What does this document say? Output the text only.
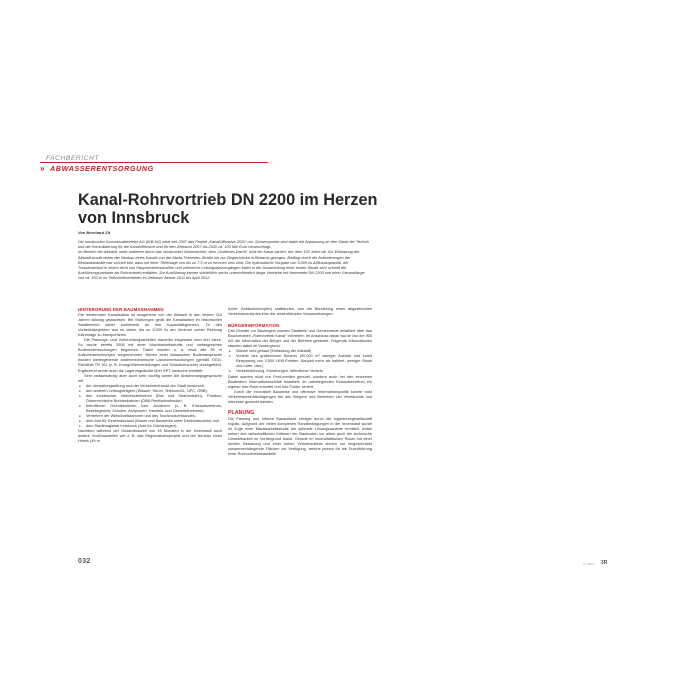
FACHBERICHT
» ABWASSERENTSORGUNG
Kanal-Rohrvortrieb DN 2200 im Herzen von Innsbruck
Von Bernhard Zit

Die Innsbrucker Kommunalbetriebe AG (IKB AG) setzt seit 2007 das Projekt „KanalOffensive 2020“ um. Schwerpunkte sind dabei die Anpassung an den Stand der Technik und die Konsolidierung für die Kanaloffensive und für den Zeitraum 2007 bis 2020 ca. 100 Mio Euro veranschlagt.

Im Bereich der Altstadt, unter anderem durch das Innsbrucker Wahrzeichen, dem „Goldenes Dachl“, wird ein Kanal saniert, der über 100 Jahre alt. Zur Entlastung der Altstadt wurde daher der Neubau eines Kanals von der Maria-Theresien-Straße bis zur Zieglerbrücke in Betracht gezogen. Bedingt durch die Anforderungen der Bestandskanäle war schnell klar, dass mit einer Tiefenlage von bis zu 7,5 m zu rechnen sein wird. Die hydraulische Vorgabe von 5.000 l/s Abflusskapazität, der Trassenverlauf in einem dicht von Hauptverkehrsstraßen und zahlreiche Leitungsbauvorgängen fallen in der Ausarbeitung einer ersten Studie sehr schnell die Ausführungsvariante als Rohrvortrieb entfallen. Zur Ausführung kamen schließlich sechs unterschiedlich lange Vortriebe mit Nennweite DN 2200 und einer Gesamtlänge von ca. 933 m im Teilschnittverfahren im Zeitraum Januar 2011 bis April 2012.

HINTERGRUND DER BAUMAẞNAHMEN

Die Innsbrucker Kanalisation ist ausgehend von der Altstadt in den letzten 110 Jahren ständig gewachsen. Bei Starkregen gerät die Kanalisation im historischen Stadtbereich daher punktmeist an ihre Kapazitätsgrenzen. Zu den Vorbeileitprojekten war es daher, bis zu 5.000 l/s am Zentrum vorbei Richtung Klärenlage zu transportieren.

Die Planungs- und Vorbereitungsarbeiten dauerten insgesamt rund drei Jahre. So wurde bereits 2008 mit einer Machbarkeitsstudie und umfangreichen Bodenuntersuchungen begonnen. Dabei wurden u. a. etwa alle 50 m Aufschlussbohrungen vorgenommen. Neben einer klassischen Bodenansprache wurden weitergehende bodenmechanische Laboruntersuchungen (gemäß ÖGG-Richtlinie TR 101 (z. B. Korngrößenverteilungen und Triaxialversuche) durchgeführt. Ergänzend wurde auch die Lagerungsdichte über SPT-Versuche ermittelt.

Sehr zeitaufwändig aber auch sehr wichtig waren die Abstimmungsgespräche mit

■ der Verwaltungsleitung und der Verkehrsbehörde der Stadt Innsbruck,
■ den anderen Leitungsträgern (Wasser, Strom, Telekom/A1, UPC, ÖBB),
■ den Innsbrucker Verkehrsbetrieben (Bus und Straßenbahn), Postbus, Österreichische Bundesbahnen (ÖBB-Rentbahnstrecke),
■ betroffenen Grundbesitzern bzw. Anrainern (z. B. Einkaufszentrum, Bezirksgericht, Schulen, Arztpraxen, Handels- und Gewerbebetriebe),
■ Vertretern der Wirtschaftskammer und des Tourismusverbandes,
■ dem Amt für Denkmalschutz (Mauer und Bauwerke unter Denkmalschutz) und
■ dem Stadtmagistrat Innsbruck (Amt für Grünanlagen).

Nachdem während der Gesamtbauzeit von 15 Monaten in der Innenstadt auch andere Großbaustellen wie z. B. das Regionalbahnprojekt und der Neubau eines Hotels (49 m

hoher Gebäudekomplex) stattfanden, war die Bündelung eines abgestimmten Verkehrskonzeptes eine der wesentlichsten Voraussetzungen.

BÜRGERINFORMATION

Drei Monate vor Baubeginn wurden Stadtteile und Gemeinderat detailliert über das Bauvorhaben „Rohrvortrieb Kanal“ informiert. Im Anschluss daran wurde von der IKB AG die Information der Bürger und der Betriebe gestartet. Folgende Informationen standen dabei im Vordergrund:

■ Warum wird gebaut (Entlastung der Altstadt)
■ Vorteile des grabenlosen Bauens (30.000 m³ weniger Aushub und somit Einsparung von 3.500 LKW-Fahrten, Bauzeit mehr als halbiert, weniger Staub und Lärm, usw.)
■ Verkehrsführung, Einreitungen, öffentlicher Verkehr

Dabei wurden nicht nur Print-medien genutzt, sondern auch bei den einzelnen Baufeldern Informationsschilde installiert, im naheliegenden Einkaufszentrum ein eigener Info-Point errichtet und Info-Folder verteilt.

Durch die innovative Bauweise und offensive Informationspolitik konnte trotz Verkehrsbeeinträchtigungen bei den Bürgern und Betrieben viel Verständnis und Interesse geweckt werden.

PLANUNG

Die Planung und örtliche Bauaufsicht erfolgte durch die Ingenieursgesellschaft Ingutis. Aufgrund der vielen komplexen Randbedingungen in der Innenstadt wurde im Zuge einer Machbarkeitsstudie die optimale Lösungsvariante ermittelt, wobei neben den wirtschaftlichen Kriterien der Baukosten vor allem auch die technische Umsetzbarkeit im Vordergrund stand. Gerade im innerstädtischen Raum mit einer dichten Bebauung und einer hohen Verkehrsdichte stehen nur eingeschränkt zusammenhängende Flächen zur Verfügung, welche jedoch für die Durchführung einer Rohrvortriebsbaustelle

032	3 | 2013 3R
